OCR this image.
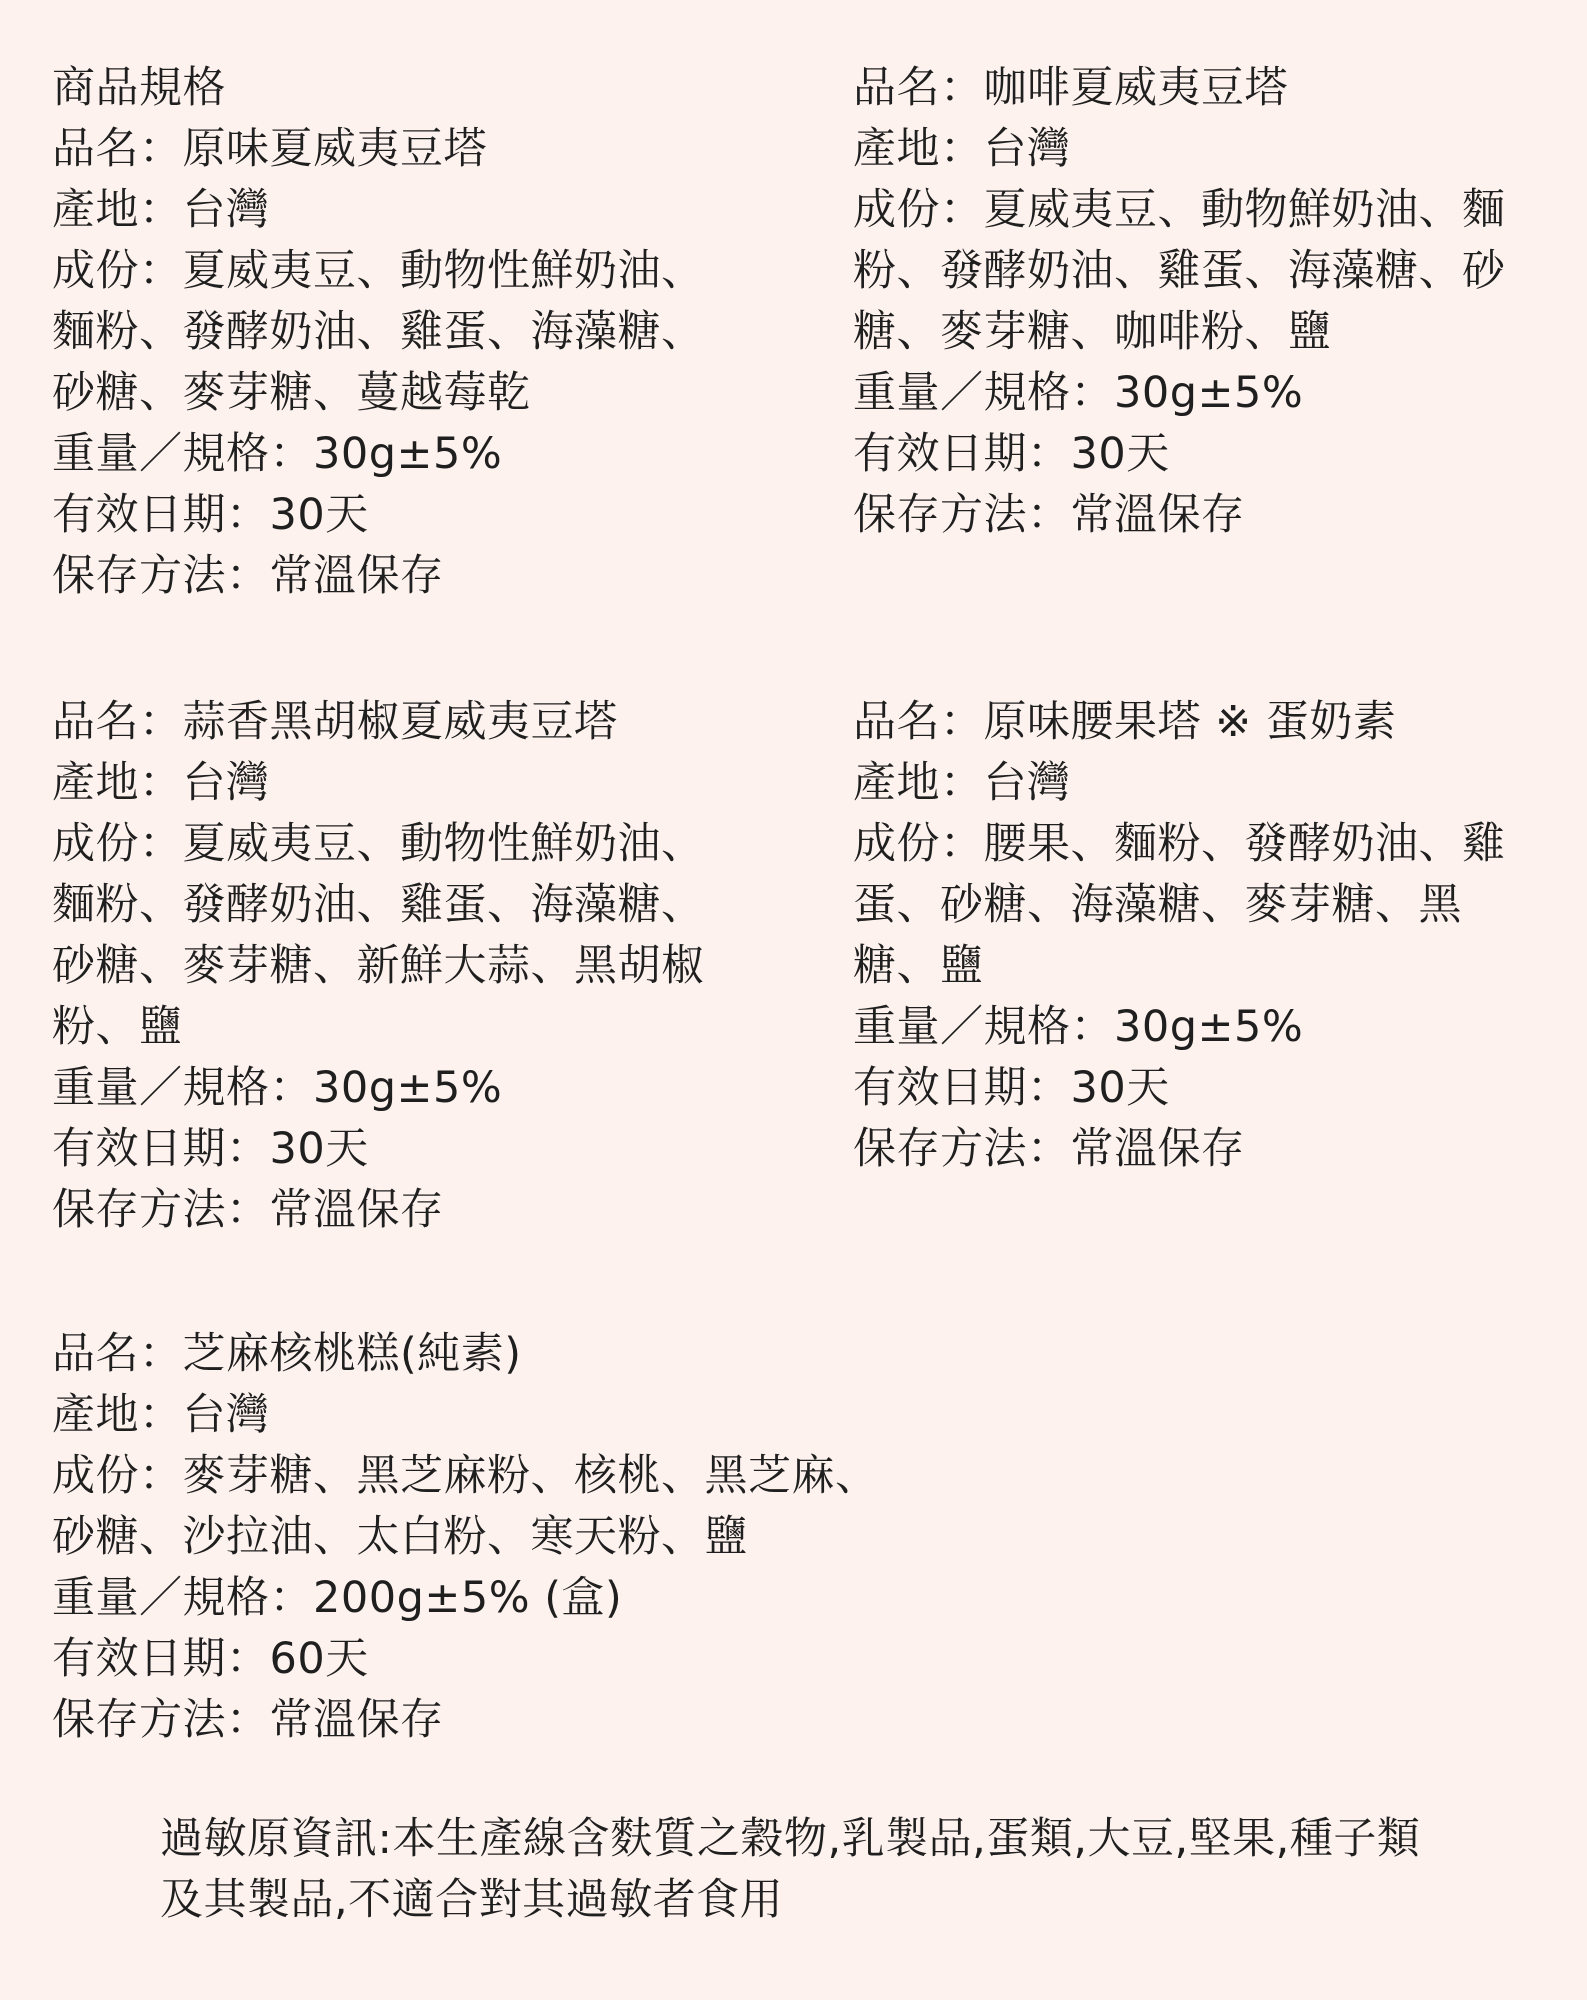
商品規格
品名：原味夏威夷豆塔
產地：台灣
成份：夏威夷豆、動物性鮮奶油、
麵粉、發酵奶油、雞蛋、海藻糖、
砂糖、麥芽糖、蔓越莓乾
重量／規格：30g±5%
有效日期：30天
保存方法：常溫保存
品名：咖啡夏威夷豆塔
產地：台灣
成份：夏威夷豆、動物鮮奶油、麵
粉、發酵奶油、雞蛋、海藻糖、砂
糖、麥芽糖、咖啡粉、鹽
重量／規格：30g±5%
有效日期：30天
保存方法：常溫保存
品名：蒜香黑胡椒夏威夷豆塔
產地：台灣
成份：夏威夷豆、動物性鮮奶油、
麵粉、發酵奶油、雞蛋、海藻糖、
砂糖、麥芽糖、新鮮大蒜、黑胡椒
粉、鹽
重量／規格：30g±5%
有效日期：30天
保存方法：常溫保存
品名：原味腰果塔 ※ 蛋奶素
產地：台灣
成份：腰果、麵粉、發酵奶油、雞
蛋、砂糖、海藻糖、麥芽糖、黑
糖、鹽
重量／規格：30g±5%
有效日期：30天
保存方法：常溫保存
品名：芝麻核桃糕(純素)
產地：台灣
成份：麥芽糖、黑芝麻粉、核桃、黑芝麻、
砂糖、沙拉油、太白粉、寒天粉、鹽
重量／規格：200g±5% (盒)
有效日期：60天
保存方法：常溫保存
過敏原資訊:本生產線含麩質之穀物,乳製品,蛋類,大豆,堅果,種子類
及其製品,不適合對其過敏者食用
